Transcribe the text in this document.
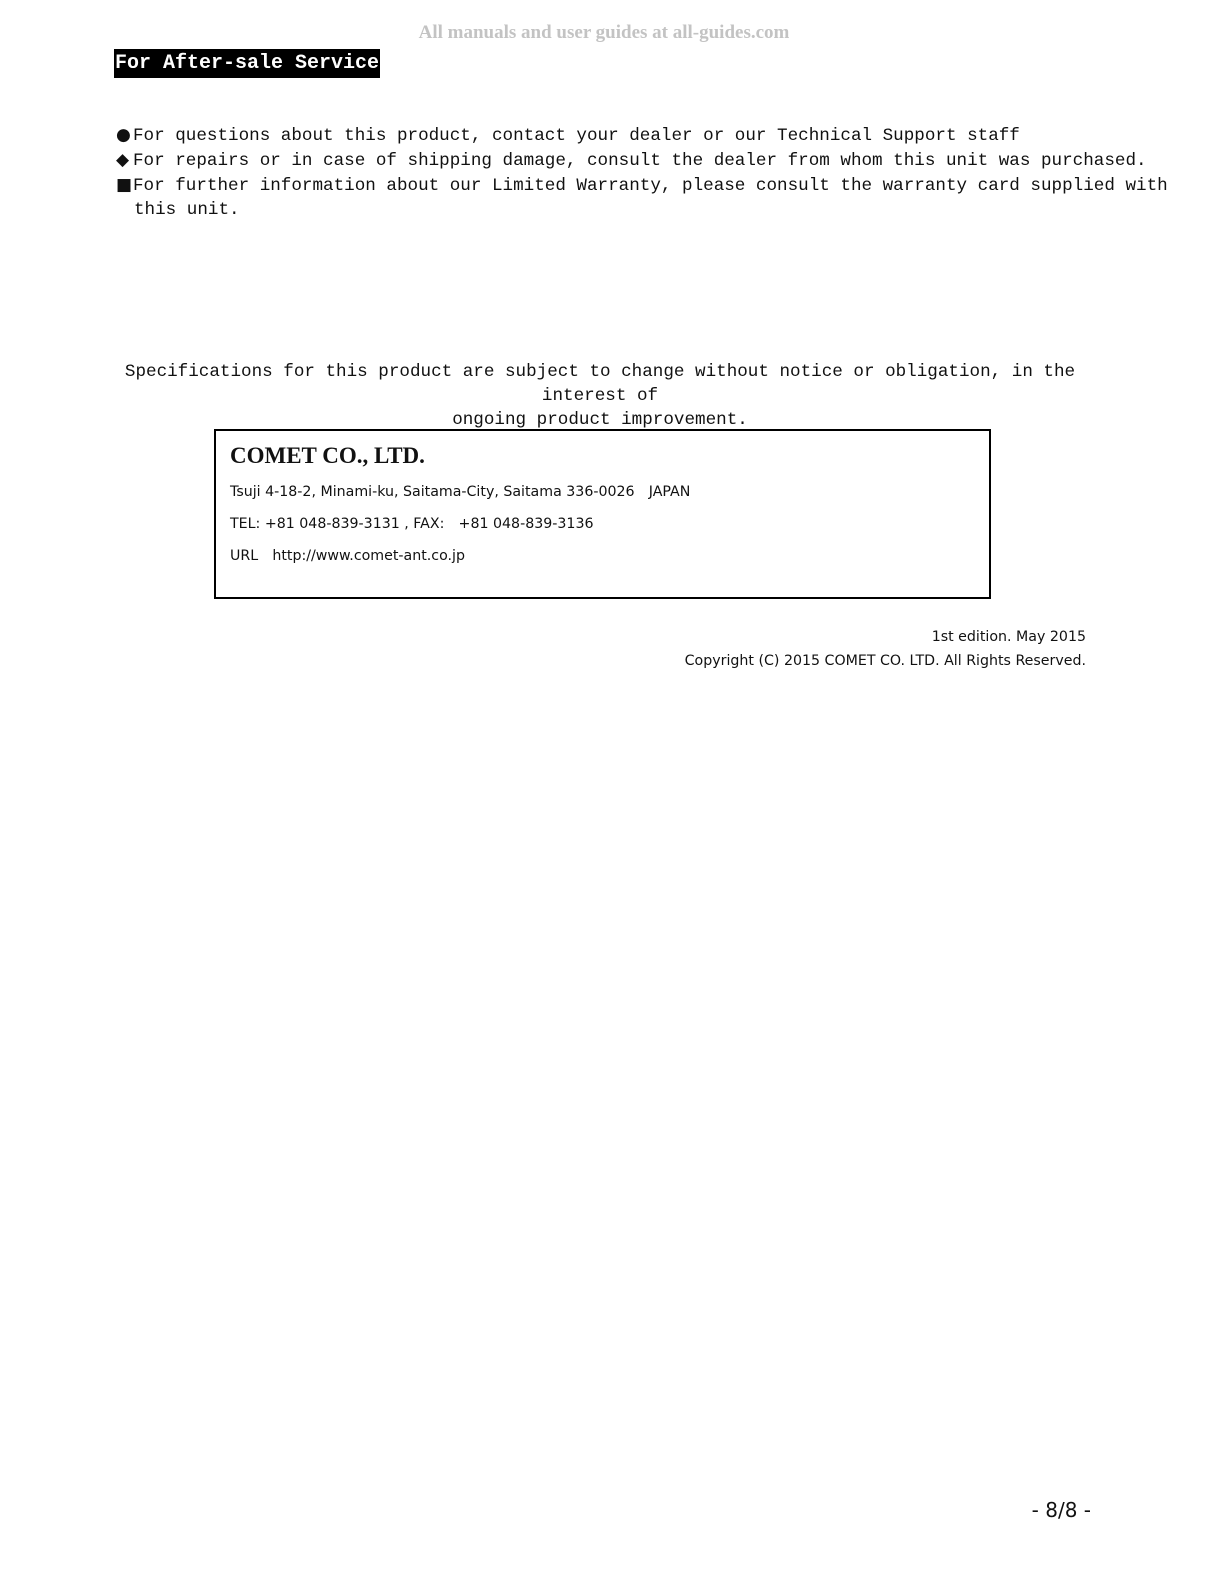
All manuals and user guides at all-guides.com
For After-sale Service
● For questions about this product, contact your dealer or our Technical Support staff
◆ For repairs or in case of shipping damage, consult the dealer from whom this unit was purchased.
■For further information about our Limited Warranty, please consult the warranty card supplied with
this unit.
Specifications for this product are subject to change without notice or obligation, in the interest of
ongoing product improvement.
COMET CO., LTD.
Tsuji 4-18-2, Minami-ku, Saitama-City, Saitama 336-0026　JAPAN
TEL: +81 048-839-3131 , FAX:　+81 048-839-3136
URL　http://www.comet-ant.co.jp
1st edition. May 2015
Copyright (C) 2015 COMET CO. LTD. All Rights Reserved.
- 8/8 -
